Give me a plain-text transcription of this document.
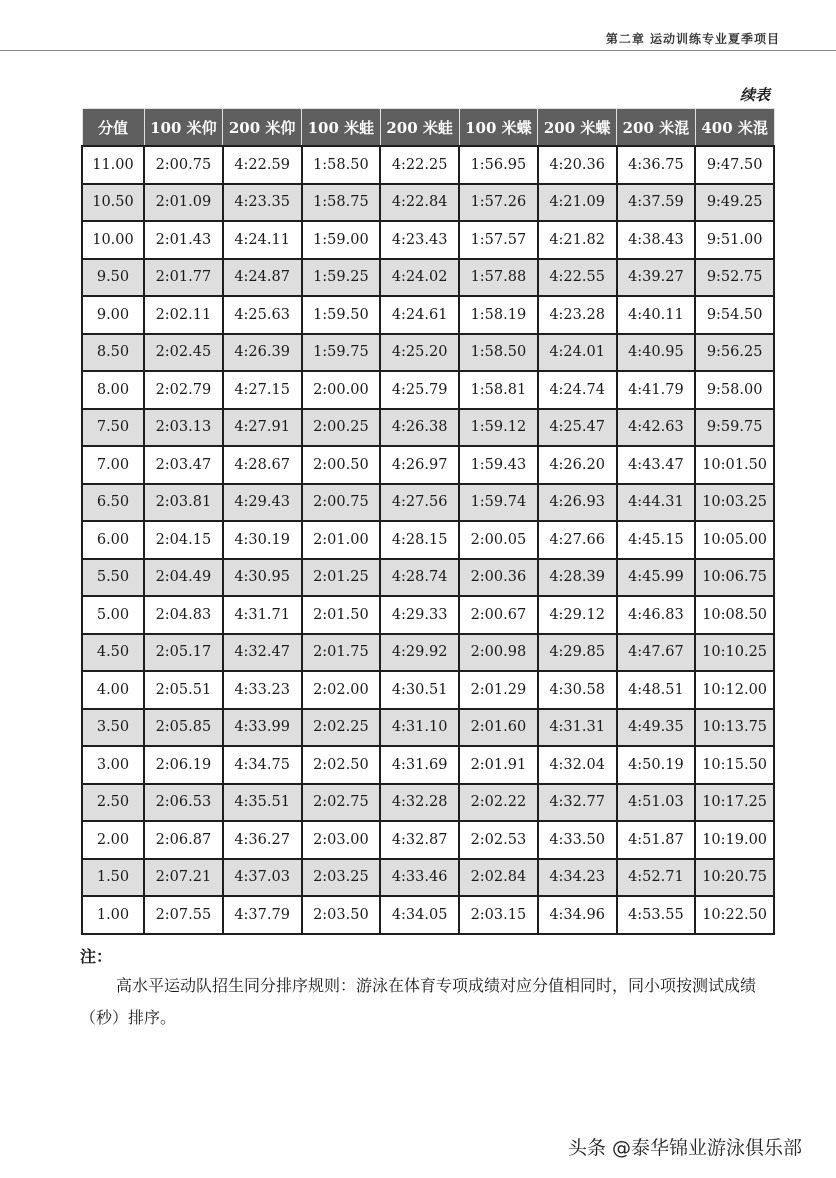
第二章 运动训练专业夏季项目
续表
分值	100 米仰	200 米仰	100 米蛙	200 米蛙	100 米蝶	200 米蝶	200 米混	400 米混
11.00	2:00.75	4:22.59	1:58.50	4:22.25	1:56.95	4:20.36	4:36.75	9:47.50
10.50	2:01.09	4:23.35	1:58.75	4:22.84	1:57.26	4:21.09	4:37.59	9:49.25
10.00	2:01.43	4:24.11	1:59.00	4:23.43	1:57.57	4:21.82	4:38.43	9:51.00
9.50	2:01.77	4:24.87	1:59.25	4:24.02	1:57.88	4:22.55	4:39.27	9:52.75
9.00	2:02.11	4:25.63	1:59.50	4:24.61	1:58.19	4:23.28	4:40.11	9:54.50
8.50	2:02.45	4:26.39	1:59.75	4:25.20	1:58.50	4:24.01	4:40.95	9:56.25
8.00	2:02.79	4:27.15	2:00.00	4:25.79	1:58.81	4:24.74	4:41.79	9:58.00
7.50	2:03.13	4:27.91	2:00.25	4:26.38	1:59.12	4:25.47	4:42.63	9:59.75
7.00	2:03.47	4:28.67	2:00.50	4:26.97	1:59.43	4:26.20	4:43.47	10:01.50
6.50	2:03.81	4:29.43	2:00.75	4:27.56	1:59.74	4:26.93	4:44.31	10:03.25
6.00	2:04.15	4:30.19	2:01.00	4:28.15	2:00.05	4:27.66	4:45.15	10:05.00
5.50	2:04.49	4:30.95	2:01.25	4:28.74	2:00.36	4:28.39	4:45.99	10:06.75
5.00	2:04.83	4:31.71	2:01.50	4:29.33	2:00.67	4:29.12	4:46.83	10:08.50
4.50	2:05.17	4:32.47	2:01.75	4:29.92	2:00.98	4:29.85	4:47.67	10:10.25
4.00	2:05.51	4:33.23	2:02.00	4:30.51	2:01.29	4:30.58	4:48.51	10:12.00
3.50	2:05.85	4:33.99	2:02.25	4:31.10	2:01.60	4:31.31	4:49.35	10:13.75
3.00	2:06.19	4:34.75	2:02.50	4:31.69	2:01.91	4:32.04	4:50.19	10:15.50
2.50	2:06.53	4:35.51	2:02.75	4:32.28	2:02.22	4:32.77	4:51.03	10:17.25
2.00	2:06.87	4:36.27	2:03.00	4:32.87	2:02.53	4:33.50	4:51.87	10:19.00
1.50	2:07.21	4:37.03	2:03.25	4:33.46	2:02.84	4:34.23	4:52.71	10:20.75
1.00	2:07.55	4:37.79	2:03.50	4:34.05	2:03.15	4:34.96	4:53.55	10:22.50
注：
高水平运动队招生同分排序规则：游泳在体育专项成绩对应分值相同时，同小项按测试成绩（秒）排序。
头条 @泰华锦业游泳俱乐部
